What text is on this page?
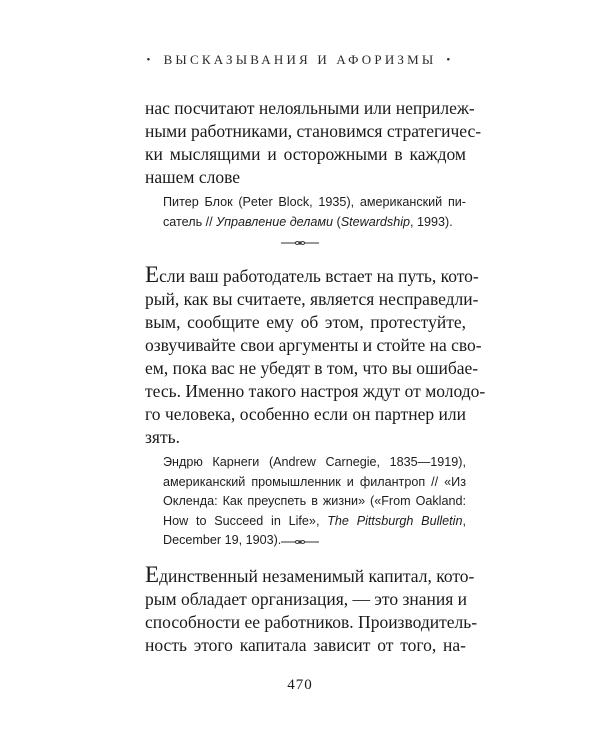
• ВЫСКАЗЫВАНИЯ И АФОРИЗМЫ •

нас посчитают нелояльными или неприлеж-
ными работниками, становимся стратегичес-
ки мыслящими и осторожными в каждом
нашем слове

Питер Блок (Peter Block, 1935), американский пи-
сатель // Управление делами (Stewardship, 1993).

Если ваш работодатель встает на путь, кото-
рый, как вы считаете, является несправедли-
вым, сообщите ему об этом, протестуйте,
озвучивайте свои аргументы и стойте на сво-
ем, пока вас не убедят в том, что вы ошибае-
тесь. Именно такого настроя ждут от молодо-
го человека, особенно если он партнер или
зять.

Эндрю Карнеги (Andrew Carnegie, 1835—1919),
американский промышленник и филантроп // «Из
Окленда: Как преуспеть в жизни» («From Oakland:
How to Succeed in Life», The Pittsburgh Bulletin,
December 19, 1903).

Единственный незаменимый капитал, кото-
рым обладает организация, — это знания и
способности ее работников. Производитель-
ность этого капитала зависит от того, на-

470
